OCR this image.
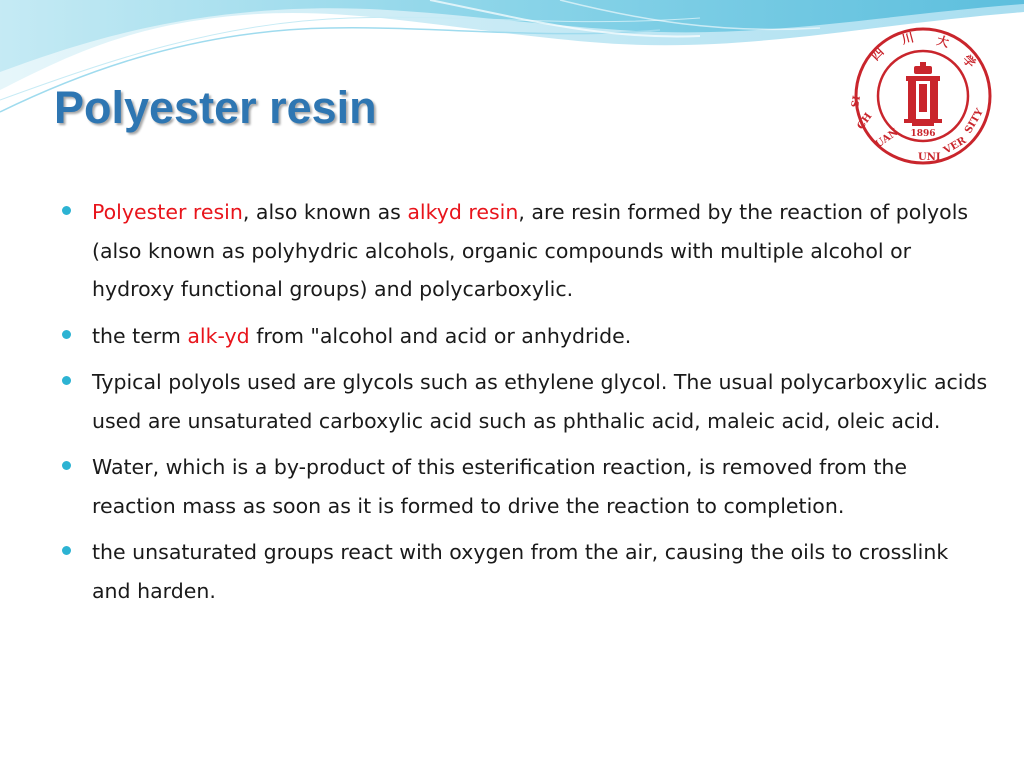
Polyester resin
1896
四
川 大
学
SI
CH
UAN
UNI
VER
SITY
Polyester resin, also known as alkyd resin, are resin formed by the reaction of polyols (also known as polyhydric alcohols, organic compounds with multiple alcohol or hydroxy functional groups) and polycarboxylic.
the term alk-yd from "alcohol and acid or anhydride.
Typical polyols used are glycols such as ethylene glycol. The usual polycarboxylic acids used are unsaturated carboxylic acid such as phthalic acid, maleic acid, oleic acid.
Water, which is a by-product of this esterification reaction, is removed from the reaction mass as soon as it is formed to drive the reaction to completion.
the unsaturated groups react with oxygen from the air, causing the oils to crosslink and harden.
